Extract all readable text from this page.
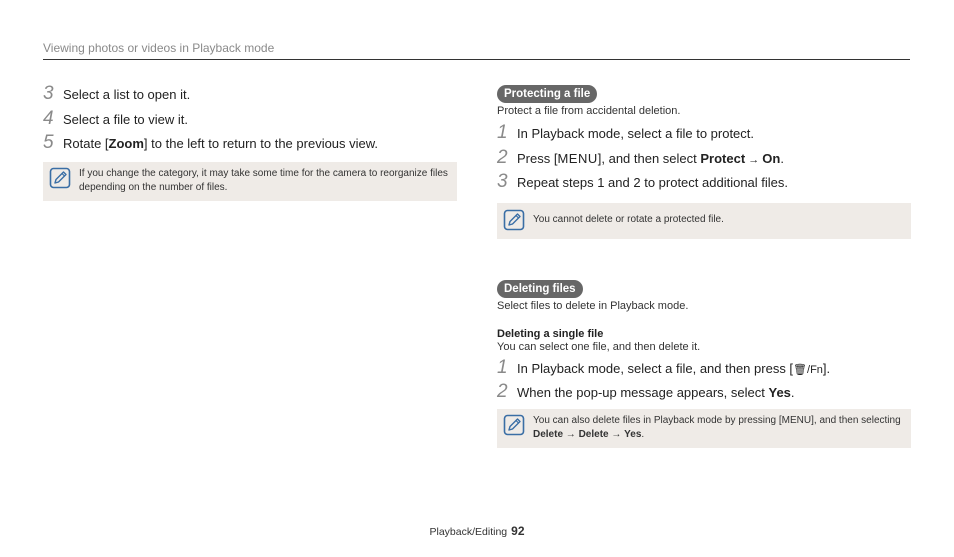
Viewing photos or videos in Playback mode
3 Select a list to open it.
4 Select a file to view it.
5 Rotate [Zoom] to the left to return to the previous view.
If you change the category, it may take some time for the camera to reorganize files depending on the number of files.
Protecting a file
Protect a file from accidental deletion.
1 In Playback mode, select a file to protect.
2 Press [MENU], and then select Protect → On.
3 Repeat steps 1 and 2 to protect additional files.
You cannot delete or rotate a protected file.
Deleting files
Select files to delete in Playback mode.
Deleting a single file
You can select one file, and then delete it.
1 In Playback mode, select a file, and then press [🗑/Fn].
2 When the pop-up message appears, select Yes.
You can also delete files in Playback mode by pressing [MENU], and then selecting Delete → Delete → Yes.
Playback/Editing 92
